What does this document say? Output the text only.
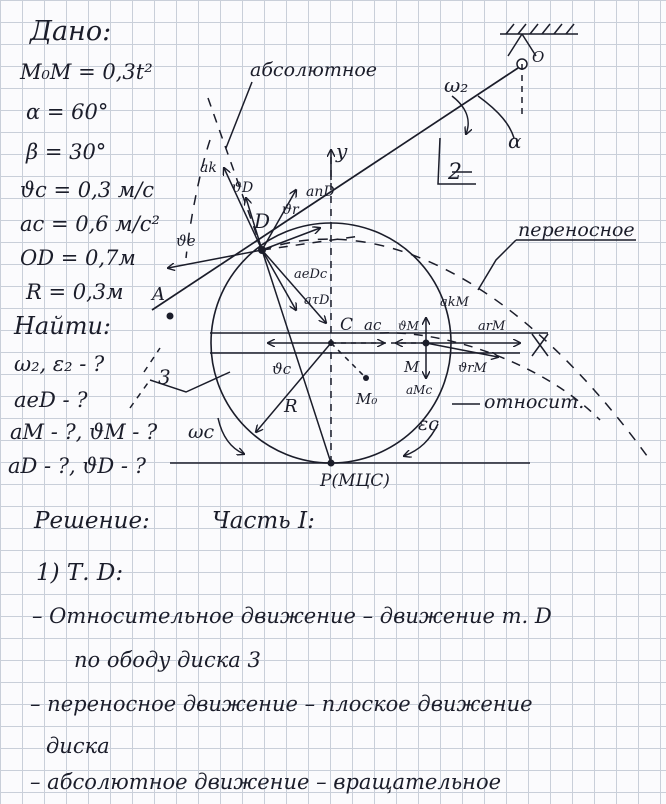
Дано:
M₀M = 0,3t²
α = 60°
β = 30°
ϑc = 0,3 м/c
ac = 0,6 м/c²
OD = 0,7м
R = 0,3м
Найти:
ω₂, ε₂ - ?
aeD - ?
aM - ?, ϑM - ?
aD - ?, ϑD - ?
абсолютное
переносное
относит.
O
2
3
ω₂
α
y
D
A
C
M
M₀
R
P(МЦС)
ωc	εc
ϑe
ak
ϑD
ϑr
anD
aeDc
aτD
ac
ϑc
ϑM
akM
arM
ϑrM
aMc
Решение:	Часть I:
1) Т. D:
– Относительное движение – движение т. D
по ободу диска 3
– переносное движение – плоское движение
диска
– абсолютное движение – вращательное
